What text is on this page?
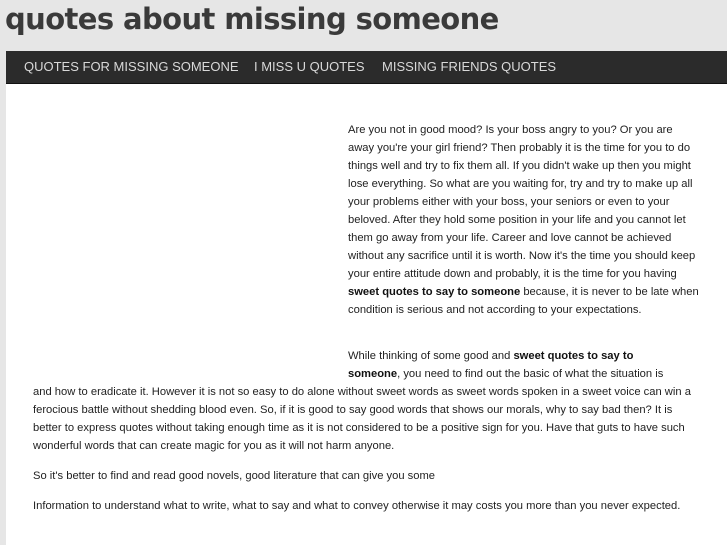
quotes about missing someone
QUOTES FOR MISSING SOMEONE I MISS U QUOTES MISSING FRIENDS QUOTES
Are you not in good mood? Is your boss angry to you? Or you are away you're your girl friend? Then probably it is the time for you to do things well and try to fix them all. If you didn't wake up then you might lose everything. So what are you waiting for, try and try to make up all your problems either with your boss, your seniors or even to your beloved. After they hold some position in your life and you cannot let them go away from your life. Career and love cannot be achieved without any sacrifice until it is worth. Now it's the time you should keep your entire attitude down and probably, it is the time for you having sweet quotes to say to someone because, it is never to be late when condition is serious and not according to your expectations.
While thinking of some good and sweet quotes to say to
someone, you need to find out the basic of what the situation is
and how to eradicate it. However it is not so easy to do alone without sweet words as sweet words spoken in a sweet voice can win a ferocious battle without shedding blood even. So, if it is good to say good words that shows our morals, why to say bad then? It is better to express quotes without taking enough time as it is not considered to be a positive sign for you. Have that guts to have such wonderful words that can create magic for you as it will not harm anyone.
So it's better to find and read good novels, good literature that can give you some
Information to understand what to write, what to say and what to convey otherwise it may costs you more than you never expected.
